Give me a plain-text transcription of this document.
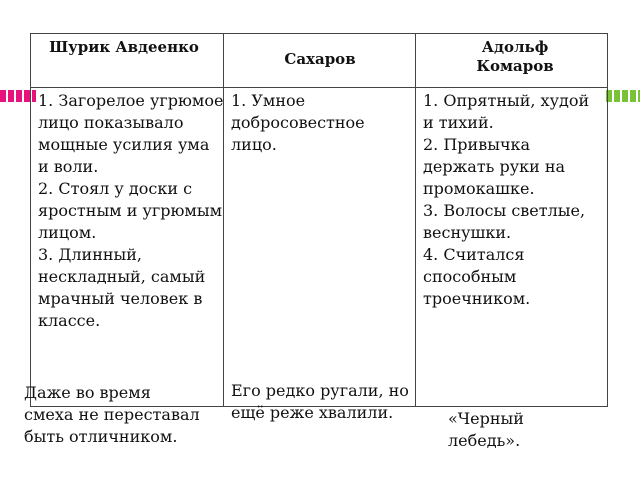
Шурик Авдеенко
Сахаров
Адольф Комаров

1. Загорелое угрюмое лицо показывало мощные усилия ума и воли.

2. Стоял у доски с яростным и угрюмым лицом.

3. Длинный, нескладный, самый мрачный человек в классе.

1. Умное добросовестное лицо.

1. Опрятный, худой и тихий.

2. Привычка держать руки на промокашке.

3. Волосы светлые, веснушки.

4. Считался способным троечником.

Даже во время смеха не переставал быть отличником.
Его редко ругали, но ещё реже хвалили.	«Черный лебедь».
